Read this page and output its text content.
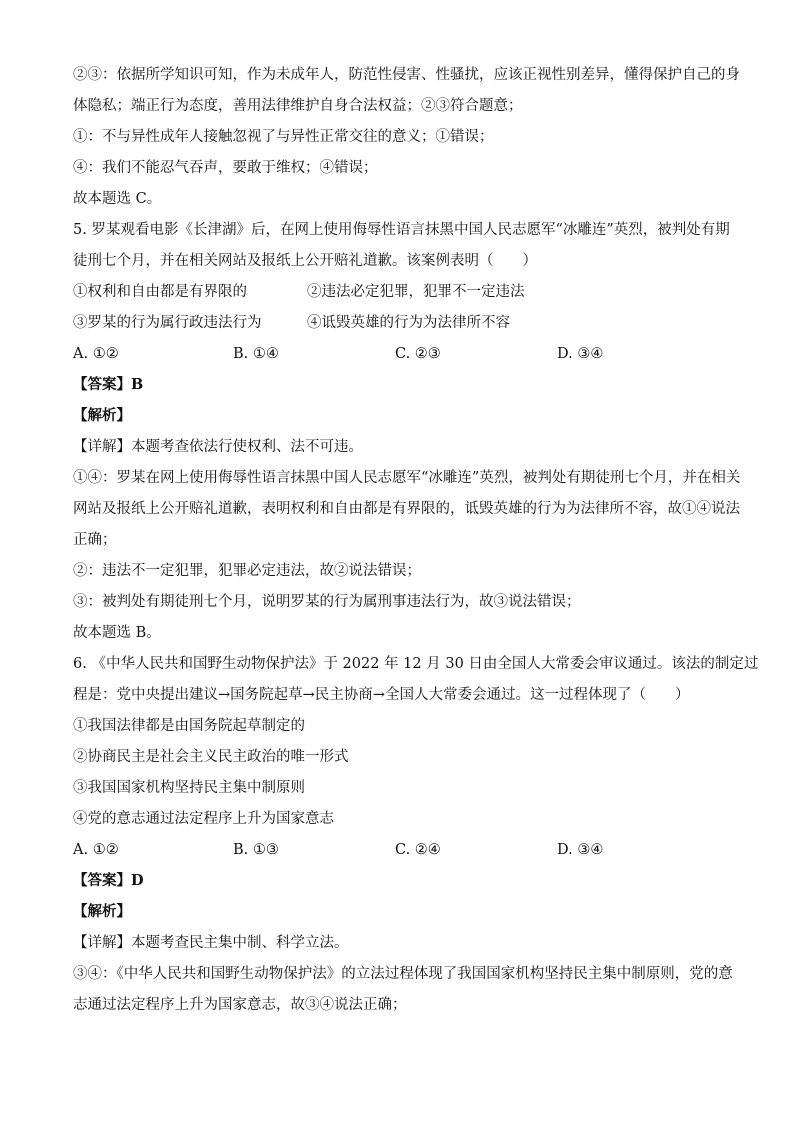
②③：依据所学知识可知，作为未成年人，防范性侵害、性骚扰，应该正视性别差异，懂得保护自己的身
体隐私；端正行为态度，善用法律维护自身合法权益；②③符合题意；
①：不与异性成年人接触忽视了与异性正常交往的意义；①错误；
④：我们不能忍气吞声，要敢于维权；④错误；
故本题选 C。
5. 罗某观看电影《长津湖》后，在网上使用侮辱性语言抹黑中国人民志愿军“冰雕连”英烈，被判处有期
徒刑七个月，并在相关网站及报纸上公开赔礼道歉。该案例表明（　　）
①权利和自由都是有界限的	②违法必定犯罪，犯罪不一定违法
③罗某的行为属行政违法行为	④诋毁英雄的行为为法律所不容
A. ①②	B. ①④	C. ②③	D. ③④
【答案】B
【解析】
【详解】本题考查依法行使权利、法不可违。
①④：罗某在网上使用侮辱性语言抹黑中国人民志愿军“冰雕连”英烈，被判处有期徒刑七个月，并在相关
网站及报纸上公开赔礼道歉，表明权利和自由都是有界限的，诋毁英雄的行为为法律所不容，故①④说法
正确；
②：违法不一定犯罪，犯罪必定违法，故②说法错误；
③：被判处有期徒刑七个月，说明罗某的行为属刑事违法行为，故③说法错误；
故本题选 B。
6. 《中华人民共和国野生动物保护法》于 2022 年 12 月 30 日由全国人大常委会审议通过。该法的制定过
程是：党中央提出建议→国务院起草→民主协商→全国人大常委会通过。这一过程体现了（　　）
①我国法律都是由国务院起草制定的
②协商民主是社会主义民主政治的唯一形式
③我国国家机构坚持民主集中制原则
④党的意志通过法定程序上升为国家意志
A. ①②	B. ①③	C. ②④	D. ③④
【答案】D
【解析】
【详解】本题考查民主集中制、科学立法。
③④：《中华人民共和国野生动物保护法》的立法过程体现了我国国家机构坚持民主集中制原则，党的意
志通过法定程序上升为国家意志，故③④说法正确；
